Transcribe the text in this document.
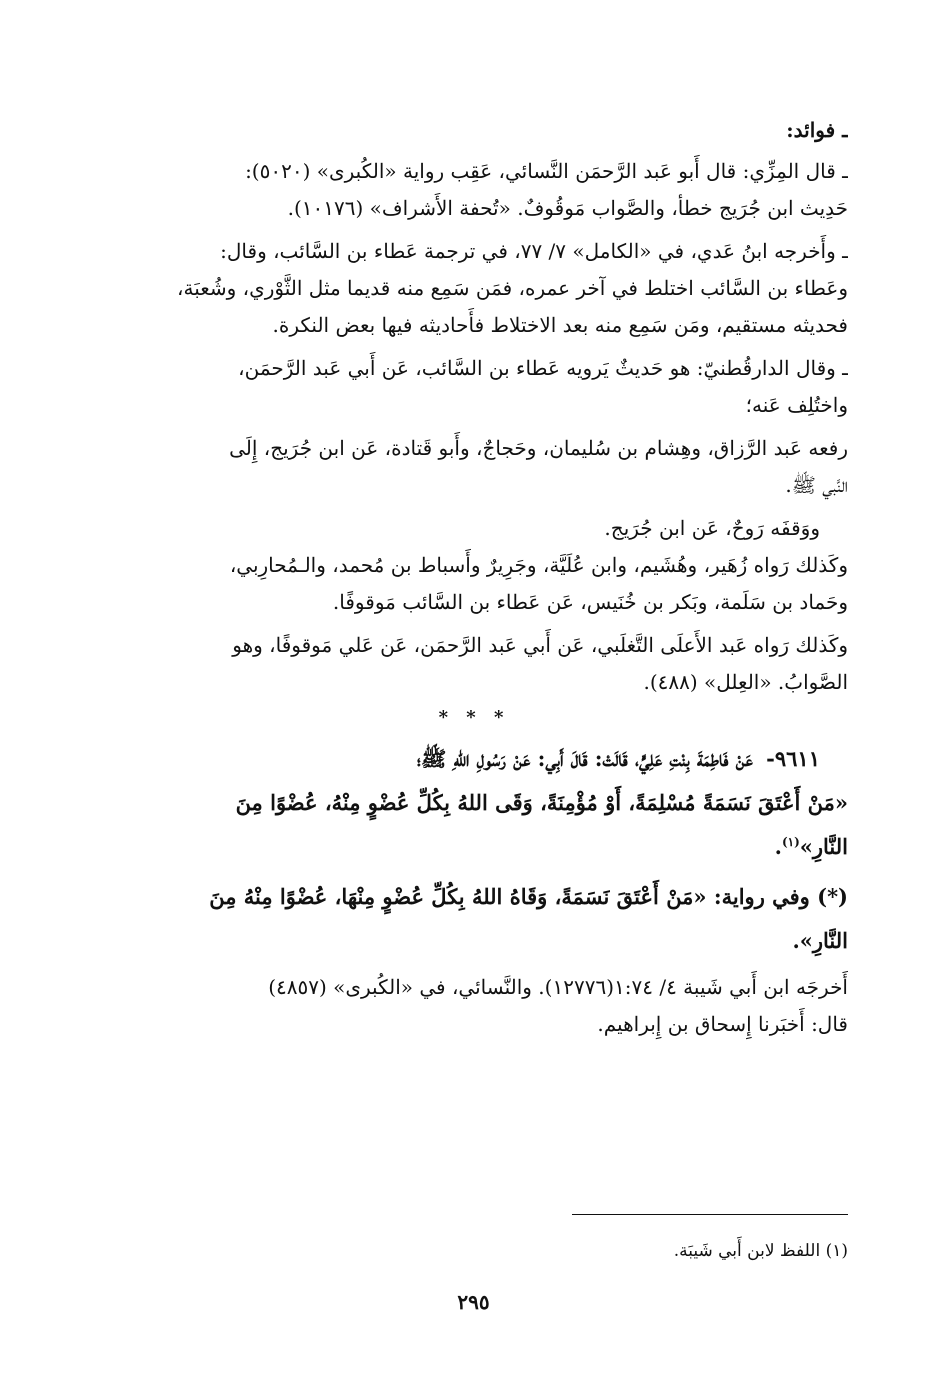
ـ فوائد:
ـ قال المِزِّي: قال أَبو عَبد الرَّحمَن النَّسائي، عَقِب رواية «الكُبرى» (٥٠٢٠):
حَدِيث ابن جُرَيج خطأ، والصَّواب مَوقُوفٌ. «تُحفة الأَشراف» (١٠١٧٦).
ـ وأَخرجه ابنُ عَدي، في «الكامل» ٧/ ٧٧، في ترجمة عَطاء بن السَّائب، وقال:
وعَطاء بن السَّائب اختلط في آخر عمره، فمَن سَمِع منه قديما مثل الثَّوْري، وشُعبَة،
فحديثه مستقيم، ومَن سَمِع منه بعد الاختلاط فأَحاديثه فيها بعض النكرة.
ـ وقال الدارقُطنيّ: هو حَديثٌ يَرويه عَطاء بن السَّائب، عَن أَبي عَبد الرَّحمَن،
واختُلِف عَنه؛
رفعه عَبد الرَّزاق، وهِشام بن سُليمان، وحَجاجٌ، وأَبو قَتادة، عَن ابن جُرَيج، إِلَى
النَّبي ﷺ.
ووَقفَه رَوحٌ، عَن ابن جُرَيج.
وكَذلك رَواه زُهَير، وهُشَيم، وابن عُلَيَّة، وجَرِيرٌ وأَسباط بن مُحمد، والـمُحارِبي،
وحَماد بن سَلَمة، وبَكر بن خُنَيس، عَن عَطاء بن السَّائب مَوقوفًا.
وكَذلك رَواه عَبد الأَعلَى التَّغلَبي، عَن أَبي عَبد الرَّحمَن، عَن عَلي مَوقوفًا، وهو
الصَّوابُ. «العِلل» (٤٨٨).
* * *
٩٦١١- عَنْ فَاطِمَةَ بِنْتِ عَلِيٍّ، قَالَتْ: قَالَ أَبِي: عَنْ رَسُولِ اللهِ ﷺ؛
«مَنْ أَعْتَقَ نَسَمَةً مُسْلِمَةً، أَوْ مُؤْمِنَةً، وَقَى اللهُ بِكُلِّ عُضْوٍ مِنْهُ، عُضْوًا مِنَ
النَّارِ»$^{(١)}$.
(*) وفي رواية: «مَنْ أَعْتَقَ نَسَمَةً، وَقَاهُ اللهُ بِكُلِّ عُضْوٍ مِنْهَا، عُضْوًا مِنْهُ مِنَ
النَّارِ».
أَخرجَه ابن أَبي شَيبة ٤/ ١:٧٤(١٢٧٧٦). والنَّسائي، في «الكُبرى» (٤٨٥٧)
قال: أَخبَرنا إِسحاق بن إِبراهيم.
(١) اللفظ لابن أَبي شَيبَة.
٢٩٥
